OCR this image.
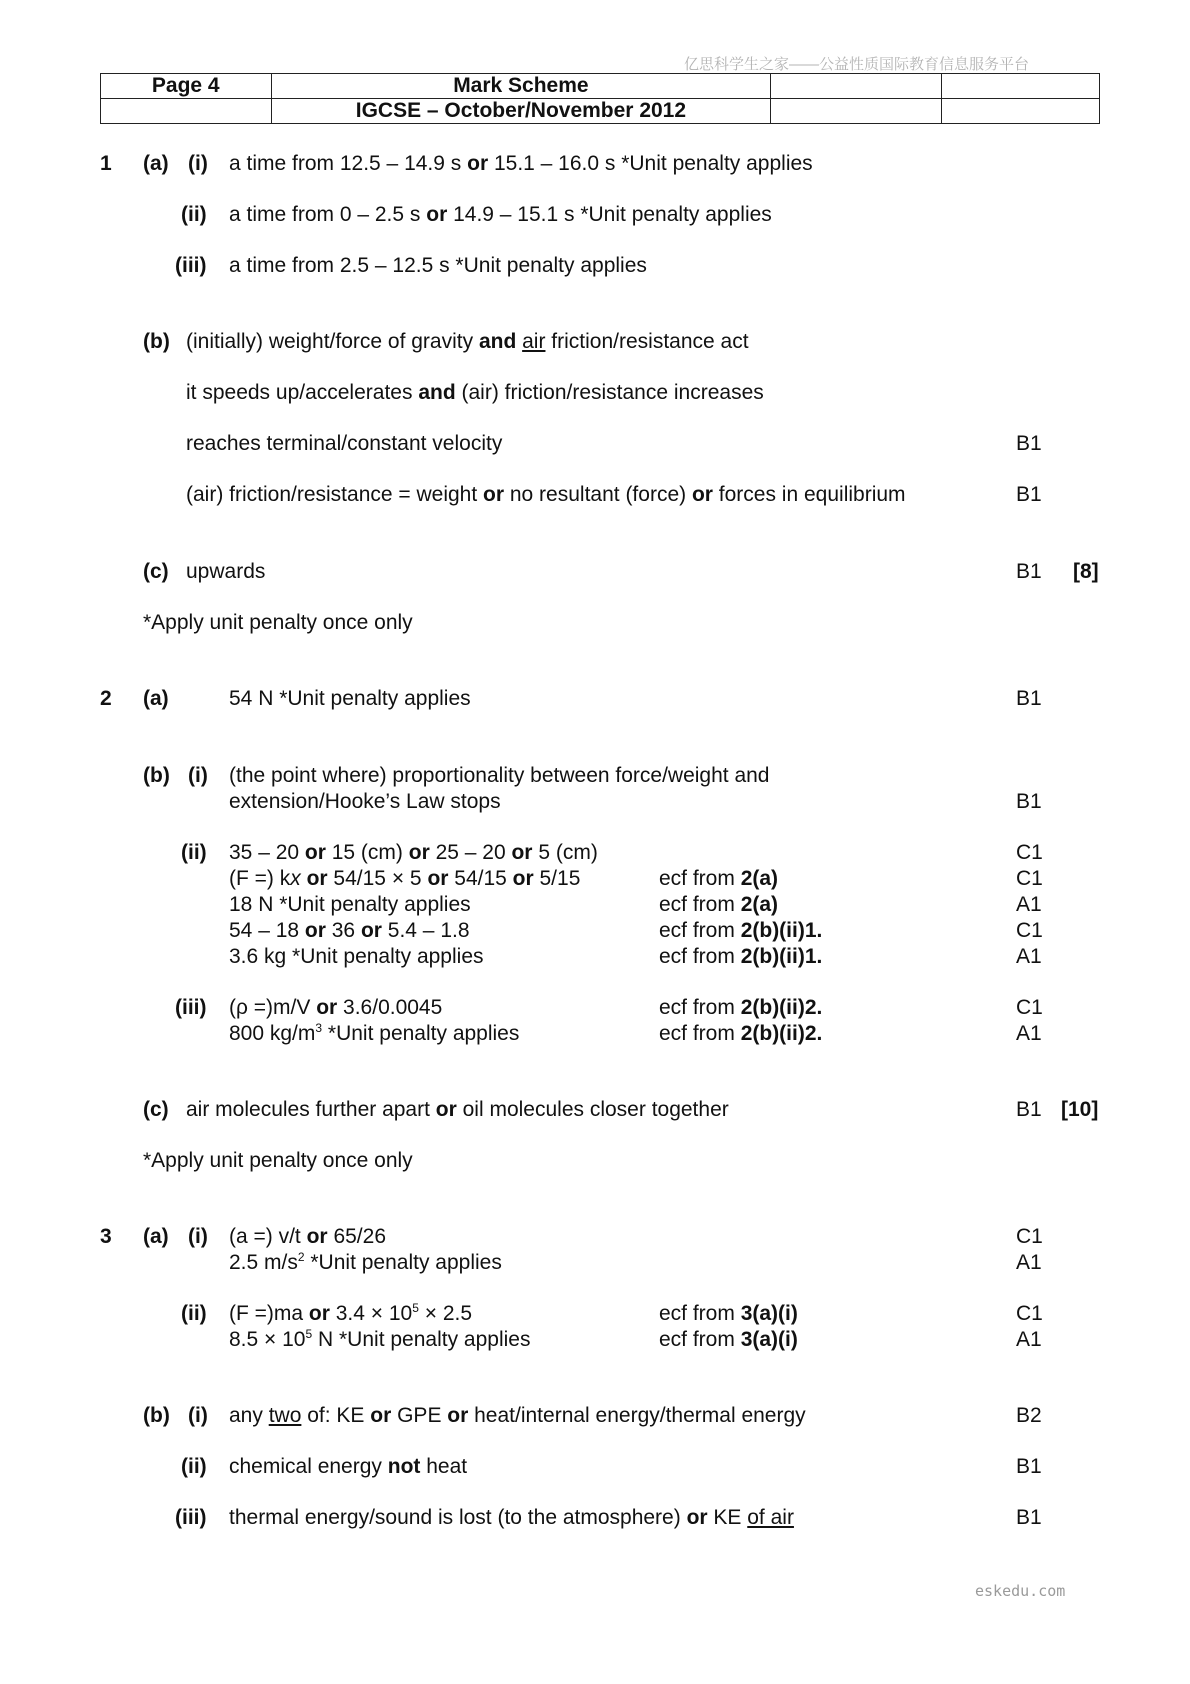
亿思科学生之家——公益性质国际教育信息服务平台
Page 4	Mark Scheme		
	IGCSE – October/November 2012		
1 (a) (i) a time from 12.5 – 14.9 s or 15.1 – 16.0 s *Unit penalty applies
(ii) a time from 0 – 2.5 s or 14.9 – 15.1 s *Unit penalty applies
(iii) a time from 2.5 – 12.5 s *Unit penalty applies
(b) (initially) weight/force of gravity and air friction/resistance act
it speeds up/accelerates and (air) friction/resistance increases
reaches terminal/constant velocity	B1
(air) friction/resistance = weight or no resultant (force) or forces in equilibrium	B1
(c) upwards	B1 [8]
*Apply unit penalty once only
2 (a)	54 N *Unit penalty applies	B1
(b) (i) (the point where) proportionality between force/weight and
extension/Hooke’s Law stops	B1
(ii) 35 – 20 or 15 (cm) or 25 – 20 or 5 (cm)	C1
(F =) kx or 54/15 × 5 or 54/15 or 5/15	ecf from 2(a)	C1
18 N *Unit penalty applies	ecf from 2(a)	A1
54 – 18 or 36 or 5.4 – 1.8	ecf from 2(b)(ii)1.	C1
3.6 kg *Unit penalty applies	ecf from 2(b)(ii)1.	A1
(iii) (ρ =)m/V or 3.6/0.0045	ecf from 2(b)(ii)2.	C1
800 $kg/m^3$ *Unit penalty applies	ecf from 2(b)(ii)2.	A1
(c) air molecules further apart or oil molecules closer together	B1 [10]
*Apply unit penalty once only
3 (a) (i) (a =) v/t or 65/26	C1
2.5 $m/s^2$ *Unit penalty applies	A1
(ii) (F =)ma or $3.4 \times 10^5 \times 2.5$	ecf from 3(a)(i)	C1
$8.5 \times 10^5$ N *Unit penalty applies	ecf from 3(a)(i)	A1
(b) (i) any two of: KE or GPE or heat/internal energy/thermal energy	B2
(ii) chemical energy not heat	B1
(iii) thermal energy/sound is lost (to the atmosphere) or KE of air	B1
eskedu.com
